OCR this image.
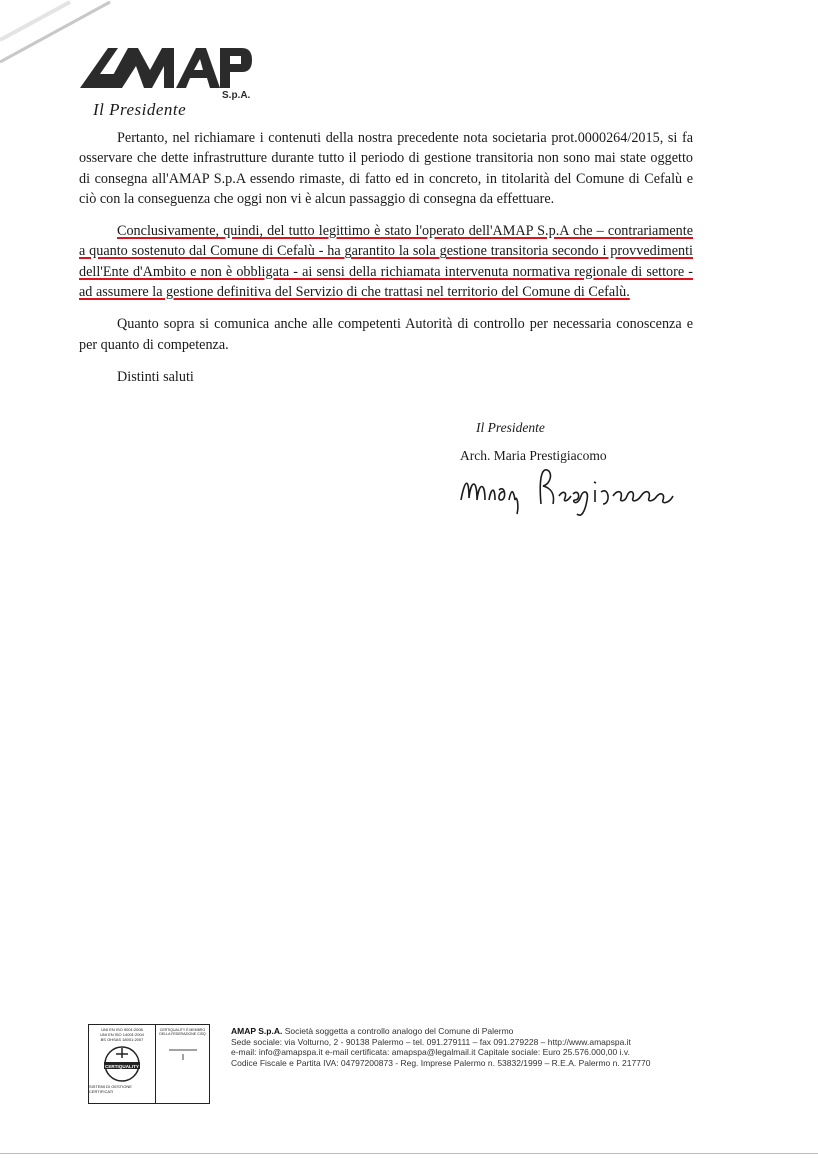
S.p.A.
Il Presidente

Pertanto, nel richiamare i contenuti della nostra precedente nota societaria prot.0000264/2015, si fa osservare che dette infrastrutture durante tutto il periodo di gestione transitoria non sono mai state oggetto di consegna all'AMAP S.p.A essendo rimaste, di fatto ed in concreto, in titolarità del Comune di Cefalù e ciò con la conseguenza che oggi non vi è alcun passaggio di consegna da effettuare.

Conclusivamente, quindi, del tutto legittimo è stato l'operato dell'AMAP S.p.A che – contrariamente a quanto sostenuto dal Comune di Cefalù - ha garantito la sola gestione transitoria secondo i provvedimenti dell'Ente d'Ambito e non è obbligata - ai sensi della richiamata intervenuta normativa regionale di settore - ad assumere la gestione definitiva del Servizio di che trattasi nel territorio del Comune di Cefalù.

Quanto sopra si comunica anche alle competenti Autorità di controllo per necessaria conoscenza e per quanto di competenza.

Distinti saluti

Il Presidente
Arch. Maria Prestigiacomo
UNI EN ISO 9001:2008
UNI EN ISO 14001:2004
BS OHSAS 18001:2007
CERTIQUALITY
SISTEMI DI GESTIONE CERTIFICATI
CERTIQUALITY È MEMBRO DELLA FEDERAZIONE CISQ	AMAP S.p.A. Società soggetta a controllo analogo del Comune di Palermo
Sede sociale: via Volturno, 2 - 90138 Palermo – tel. 091.279111 – fax 091.279228 – http://www.amapspa.it
e-mail: info@amapspa.it e-mail certificata: amapspa@legalmail.it Capitale sociale: Euro 25.576.000,00 i.v.
Codice Fiscale e Partita IVA: 04797200873 - Reg. Imprese Palermo n. 53832/1999 – R.E.A. Palermo n. 217770
